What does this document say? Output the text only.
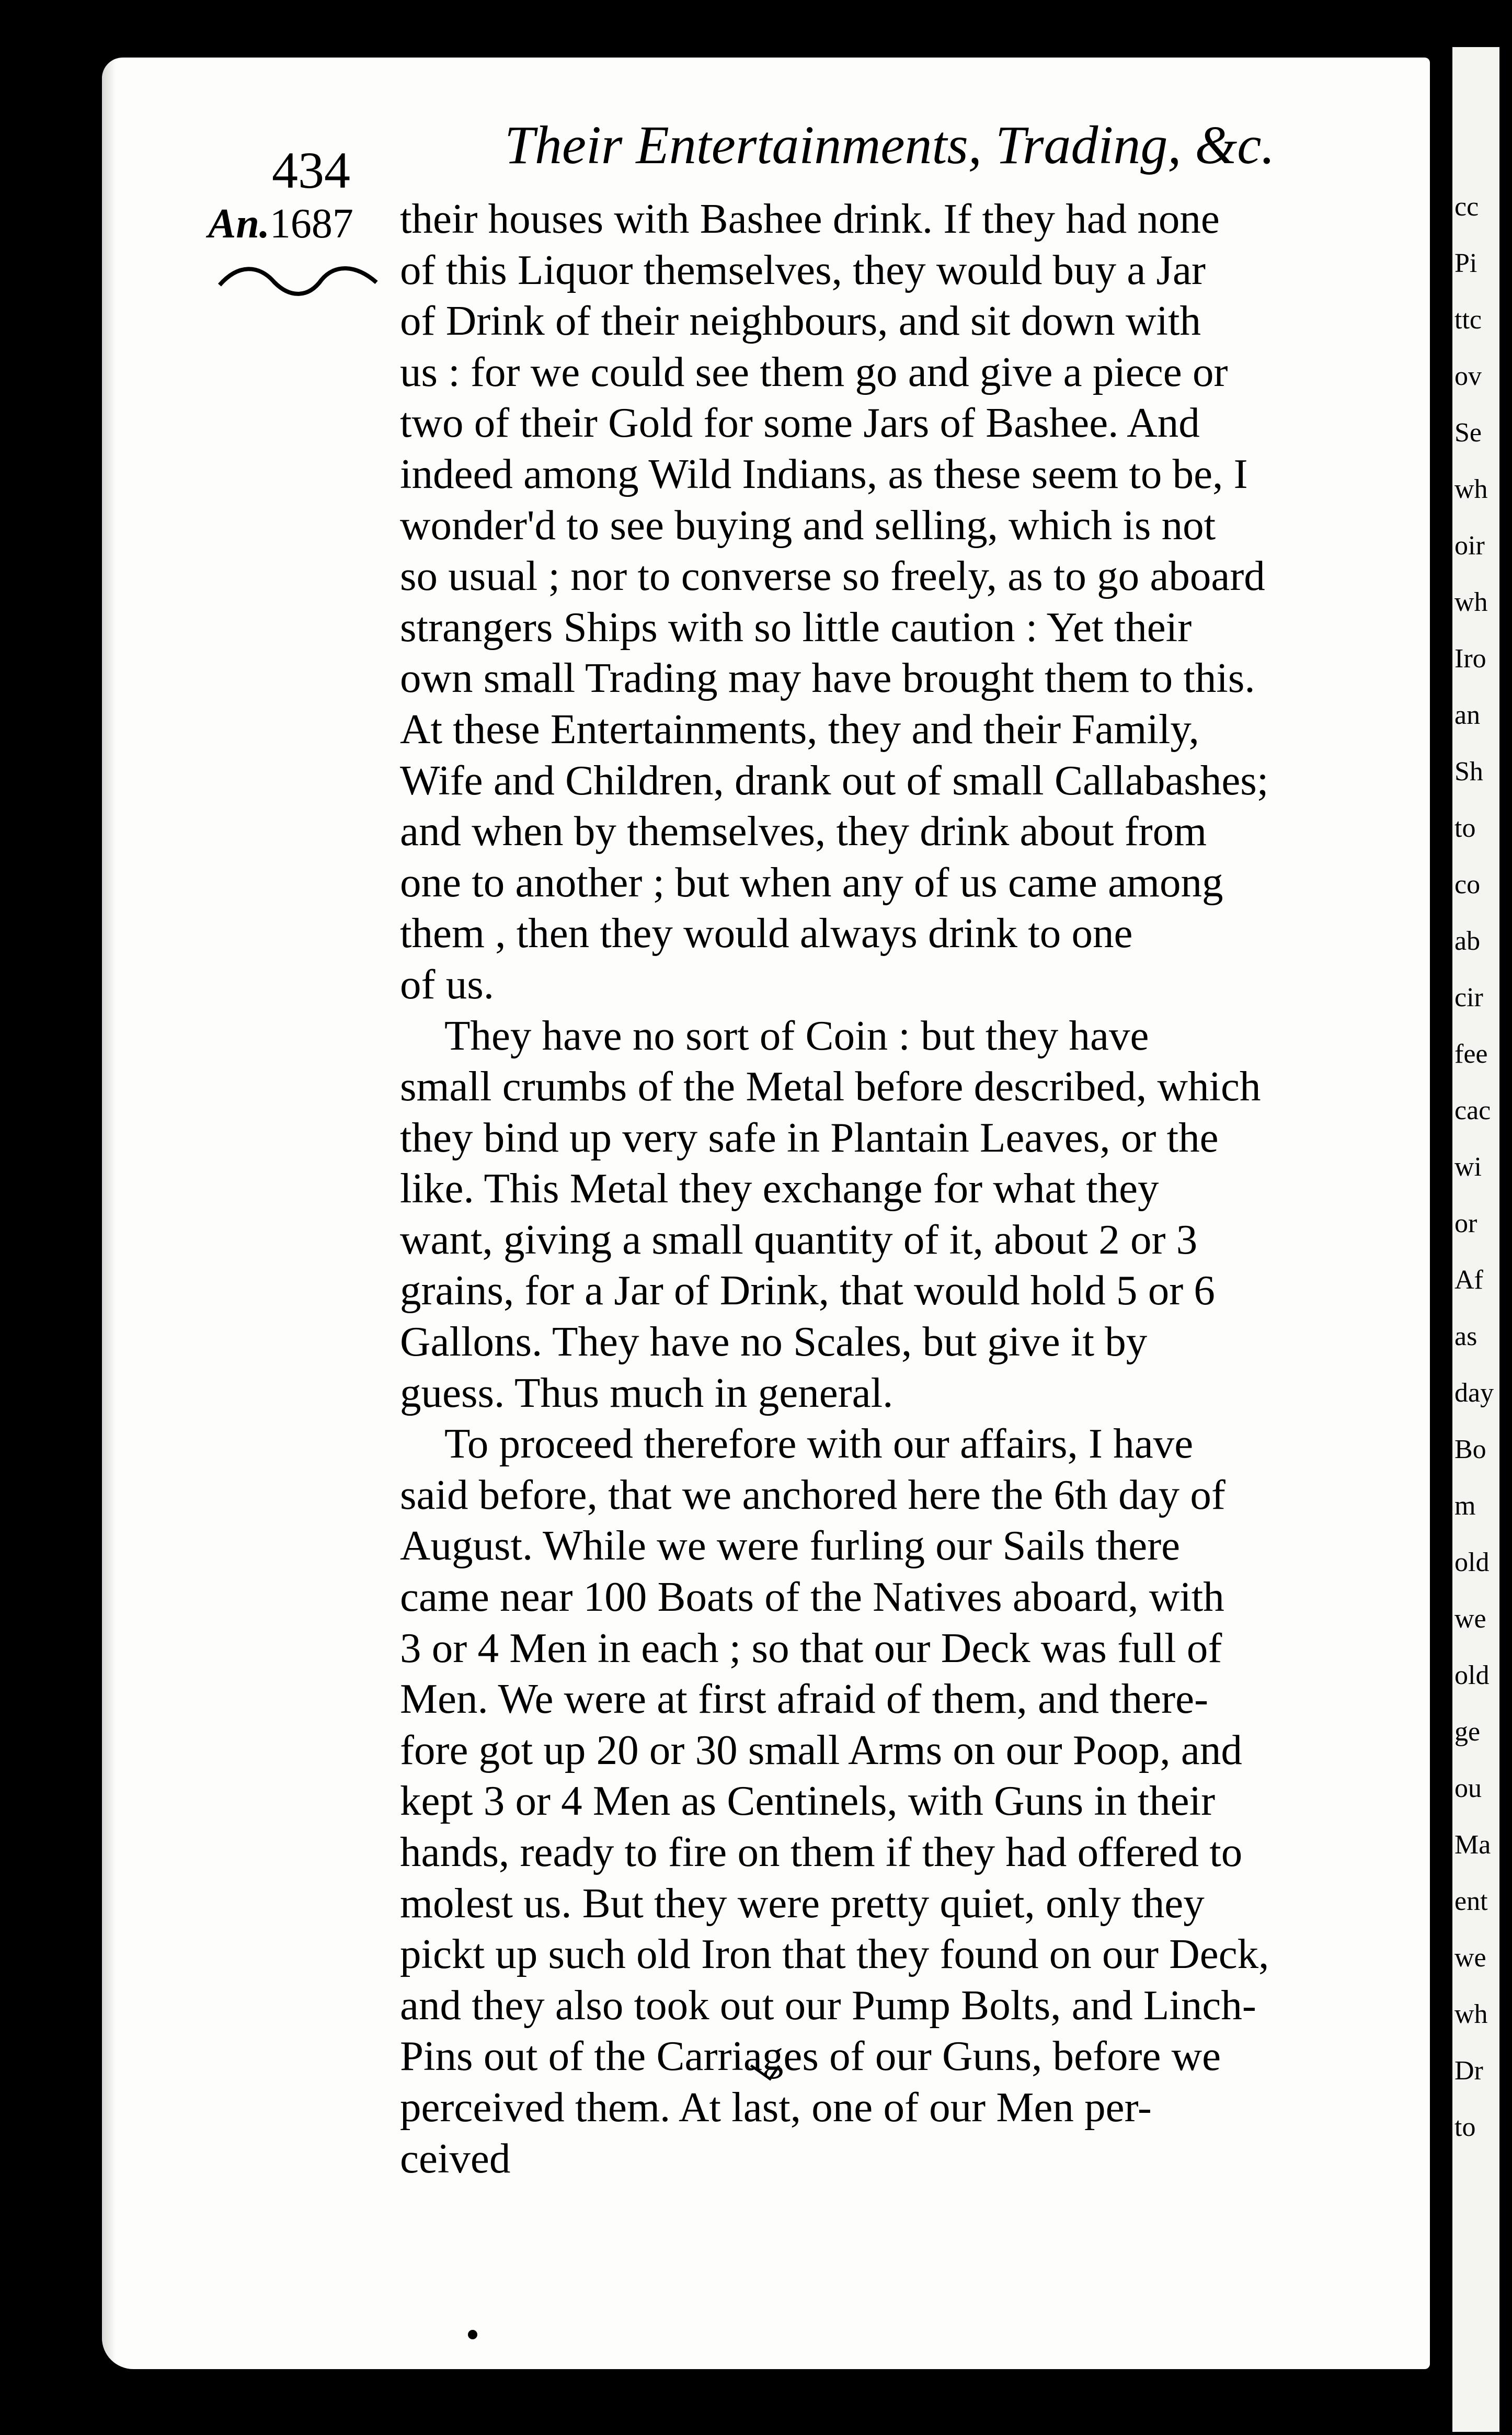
cc
Pi
ttc
ov
Se
wh
oir
wh
Iro
an
Sh
to
co
ab
cir
fee
cac
wi
or
Af
as
day
Bo
m
old
we
old
ge
ou
Ma
ent
we
wh
Dr
to
434	Their Entertainments, Trading, &c.
An.1687 their houses with Bashee drink. If they had none
of this Liquor themselves, they would buy a Jar
of Drink of their neighbours, and sit down with
us : for we could see them go and give a piece or
two of their Gold for some Jars of Bashee. And
indeed among Wild Indians, as these seem to be, I
wonder'd to see buying and selling, which is not
so usual ; nor to converse so freely, as to go aboard
strangers Ships with so little caution : Yet their
own small Trading may have brought them to this.
At these Entertainments, they and their Family,
Wife and Children, drank out of small Callabashes;
and when by themselves, they drink about from
one to another ; but when any of us came among
them , then they would always drink to one
of us.
They have no sort of Coin : but they have
small crumbs of the Metal before described, which
they bind up very safe in Plantain Leaves, or the
like. This Metal they exchange for what they
want, giving a small quantity of it, about 2 or 3
grains, for a Jar of Drink, that would hold 5 or 6
Gallons. They have no Scales, but give it by
guess. Thus much in general.
To proceed therefore with our affairs, I have
said before, that we anchored here the 6th day of
August. While we were furling our Sails there
came near 100 Boats of the Natives aboard, with
3 or 4 Men in each ; so that our Deck was full of
Men. We were at first afraid of them, and there-
fore got up 20 or 30 small Arms on our Poop, and
kept 3 or 4 Men as Centinels, with Guns in their
hands, ready to fire on them if they had offered to
molest us. But they were pretty quiet, only they
pickt up such old Iron that they found on our Deck,
and they also took out our Pump Bolts, and Linch-
Pins out of the Carriages of our Guns, before we
perceived them. At last, one of our Men per-
ceived
